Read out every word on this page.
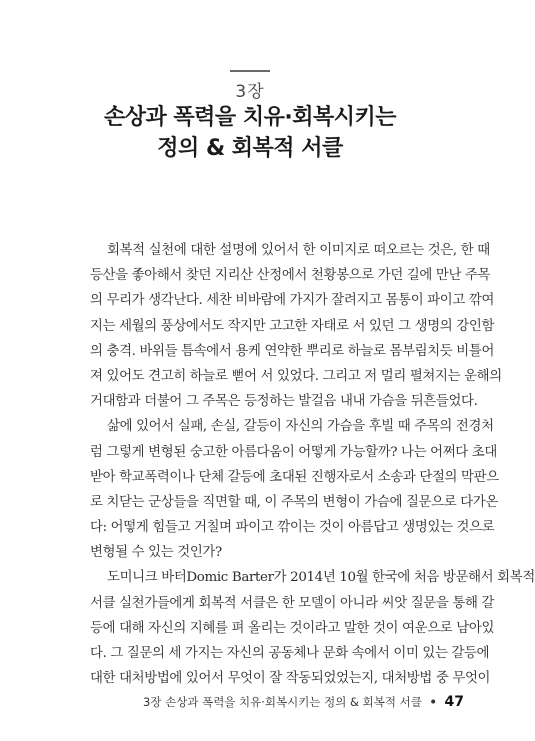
3장
손상과 폭력을 치유·회복시키는
정의 & 회복적 서클
회복적 실천에 대한 설명에 있어서 한 이미지로 떠오르는 것은, 한 때
등산을 좋아해서 찾던 지리산 산정에서 천황봉으로 가던 길에 만난 주목
의 무리가 생각난다. 세찬 비바람에 가지가 잘려지고 몸통이 파이고 깎여
지는 세월의 풍상에서도 작지만 고고한 자태로 서 있던 그 생명의 강인함
의 충격. 바위들 틈속에서 용케 연약한 뿌리로 하늘로 몸부림치듯 비틀어
져 있어도 견고히 하늘로 뻗어 서 있었다. 그리고 저 멀리 펼쳐지는 운해의
거대함과 더불어 그 주목은 등정하는 발걸음 내내 가슴을 뒤흔들었다.
삶에 있어서 실패, 손실, 갈등이 자신의 가슴을 후빌 때 주목의 전경처
럼 그렇게 변형된 숭고한 아름다움이 어떻게 가능할까? 나는 어쩌다 초대
받아 학교폭력이나 단체 갈등에 초대된 진행자로서 소송과 단절의 막판으
로 치닫는 군상들을 직면할 때, 이 주목의 변형이 가슴에 질문으로 다가온
다: 어떻게 힘들고 거칠며 파이고 깎이는 것이 아름답고 생명있는 것으로
변형될 수 있는 것인가?
도미니크 바터Domic Barter가 2014년 10월 한국에 처음 방문해서 회복적
서클 실천가들에게 회복적 서클은 한 모델이 아니라 씨앗 질문을 통해 갈
등에 대해 자신의 지혜를 펴 올리는 것이라고 말한 것이 여운으로 남아있
다. 그 질문의 세 가지는 자신의 공동체나 문화 속에서 이미 있는 갈등에
대한 대처방법에 있어서 무엇이 잘 작동되었었는지, 대처방법 중 무엇이
3장 손상과 폭력을 치유·회복시키는 정의 & 회복적 서클 • 47
